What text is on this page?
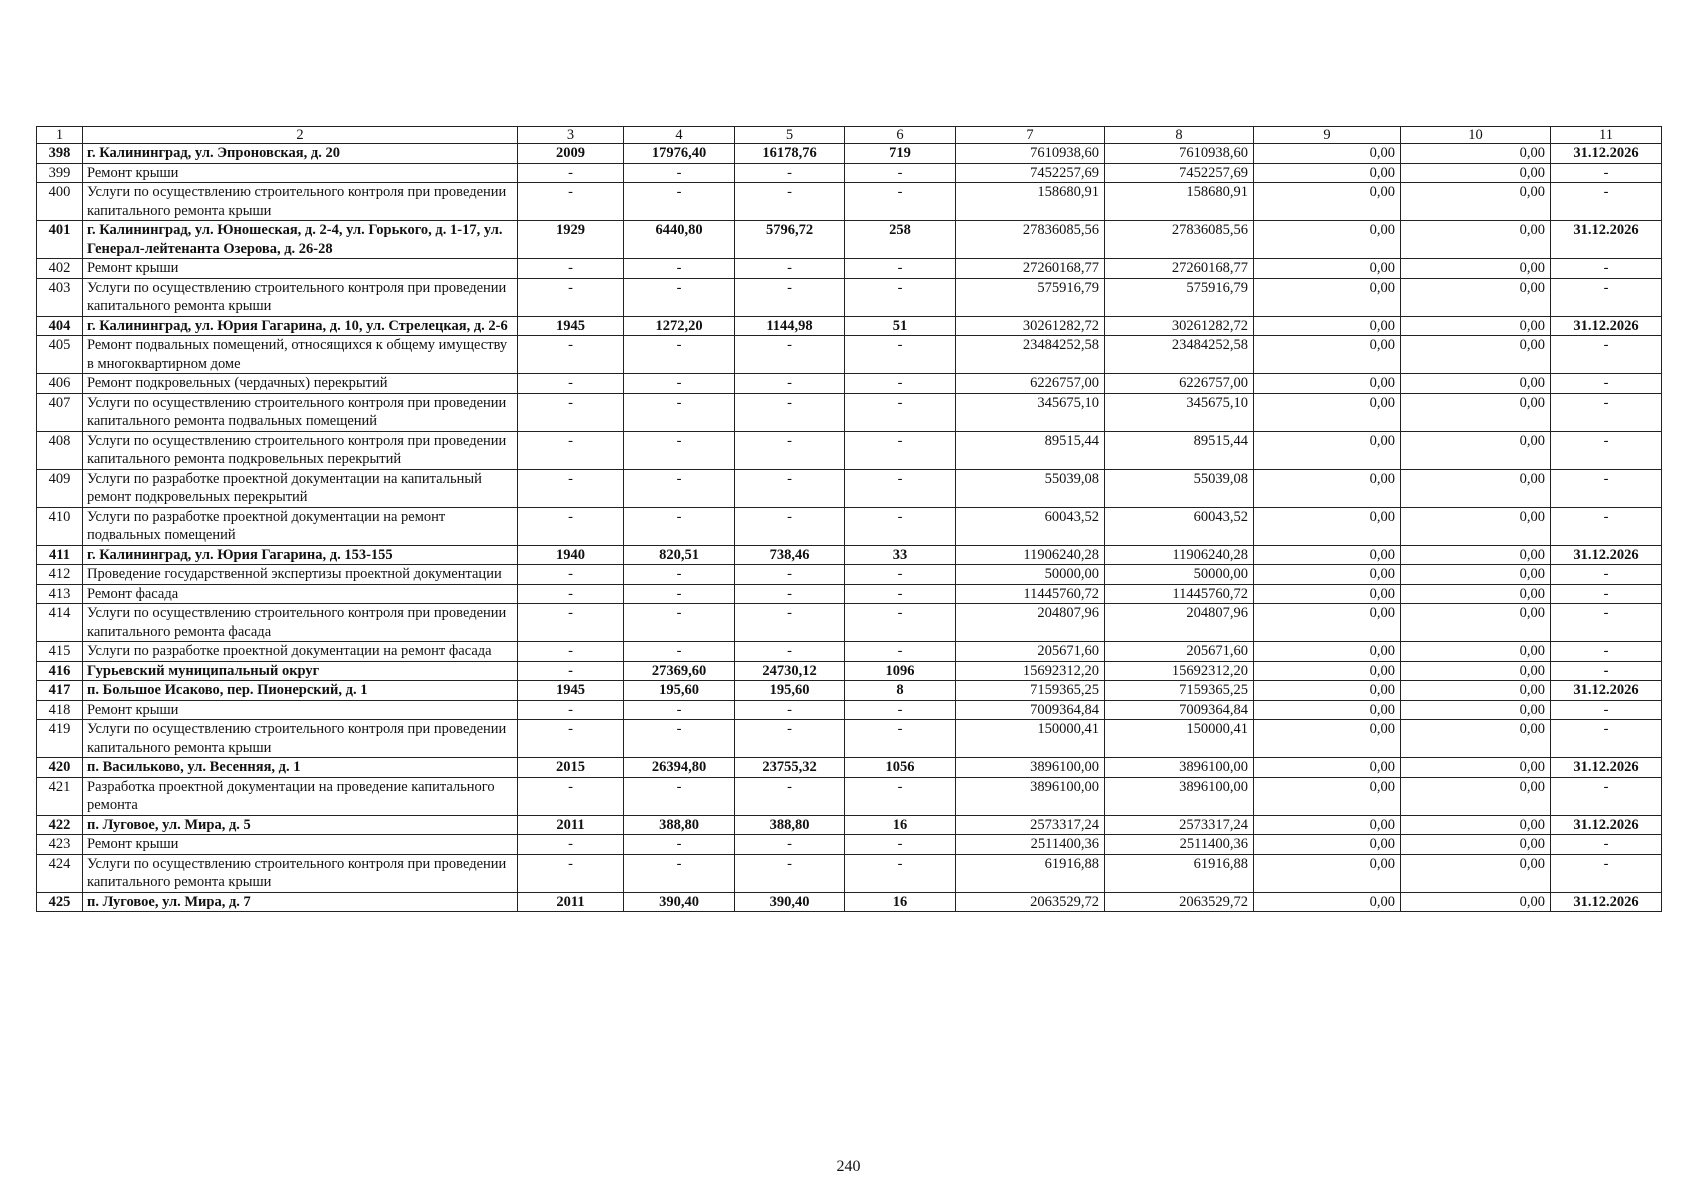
1	2	3	4	5	6	7	8	9	10	11
398	г. Калининград, ул. Эпроновская, д. 20	2009	17976,40	16178,76	719	7610938,60	7610938,60	0,00	0,00	31.12.2026
399	Ремонт крыши	-	-	-	-	7452257,69	7452257,69	0,00	0,00	-
400	Услуги по осуществлению строительного контроля при проведении капитального ремонта крыши	-	-	-	-	158680,91	158680,91	0,00	0,00	-
401	г. Калининград, ул. Юношеская, д. 2-4, ул. Горького, д. 1-17, ул. Генерал-лейтенанта Озерова, д. 26-28	1929	6440,80	5796,72	258	27836085,56	27836085,56	0,00	0,00	31.12.2026
402	Ремонт крыши	-	-	-	-	27260168,77	27260168,77	0,00	0,00	-
403	Услуги по осуществлению строительного контроля при проведении капитального ремонта крыши	-	-	-	-	575916,79	575916,79	0,00	0,00	-
404	г. Калининград, ул. Юрия Гагарина, д. 10, ул. Стрелецкая, д. 2-6	1945	1272,20	1144,98	51	30261282,72	30261282,72	0,00	0,00	31.12.2026
405	Ремонт подвальных помещений, относящихся к общему имуществу в многоквартирном доме	-	-	-	-	23484252,58	23484252,58	0,00	0,00	-
406	Ремонт подкровельных (чердачных) перекрытий	-	-	-	-	6226757,00	6226757,00	0,00	0,00	-
407	Услуги по осуществлению строительного контроля при проведении капитального ремонта подвальных помещений	-	-	-	-	345675,10	345675,10	0,00	0,00	-
408	Услуги по осуществлению строительного контроля при проведении капитального ремонта подкровельных перекрытий	-	-	-	-	89515,44	89515,44	0,00	0,00	-
409	Услуги по разработке проектной документации на капитальный ремонт подкровельных перекрытий	-	-	-	-	55039,08	55039,08	0,00	0,00	-
410	Услуги по разработке проектной документации на ремонт подвальных помещений	-	-	-	-	60043,52	60043,52	0,00	0,00	-
411	г. Калининград, ул. Юрия Гагарина, д. 153-155	1940	820,51	738,46	33	11906240,28	11906240,28	0,00	0,00	31.12.2026
412	Проведение государственной экспертизы проектной документации	-	-	-	-	50000,00	50000,00	0,00	0,00	-
413	Ремонт фасада	-	-	-	-	11445760,72	11445760,72	0,00	0,00	-
414	Услуги по осуществлению строительного контроля при проведении капитального ремонта фасада	-	-	-	-	204807,96	204807,96	0,00	0,00	-
415	Услуги по разработке проектной документации на ремонт фасада	-	-	-	-	205671,60	205671,60	0,00	0,00	-
416	Гурьевский муниципальный округ	-	27369,60	24730,12	1096	15692312,20	15692312,20	0,00	0,00	-
417	п. Большое Исаково, пер. Пионерский, д. 1	1945	195,60	195,60	8	7159365,25	7159365,25	0,00	0,00	31.12.2026
418	Ремонт крыши	-	-	-	-	7009364,84	7009364,84	0,00	0,00	-
419	Услуги по осуществлению строительного контроля при проведении капитального ремонта крыши	-	-	-	-	150000,41	150000,41	0,00	0,00	-
420	п. Васильково, ул. Весенняя, д. 1	2015	26394,80	23755,32	1056	3896100,00	3896100,00	0,00	0,00	31.12.2026
421	Разработка проектной документации на проведение капитального ремонта	-	-	-	-	3896100,00	3896100,00	0,00	0,00	-
422	п. Луговое, ул. Мира, д. 5	2011	388,80	388,80	16	2573317,24	2573317,24	0,00	0,00	31.12.2026
423	Ремонт крыши	-	-	-	-	2511400,36	2511400,36	0,00	0,00	-
424	Услуги по осуществлению строительного контроля при проведении капитального ремонта крыши	-	-	-	-	61916,88	61916,88	0,00	0,00	-
425	п. Луговое, ул. Мира, д. 7	2011	390,40	390,40	16	2063529,72	2063529,72	0,00	0,00	31.12.2026
240
